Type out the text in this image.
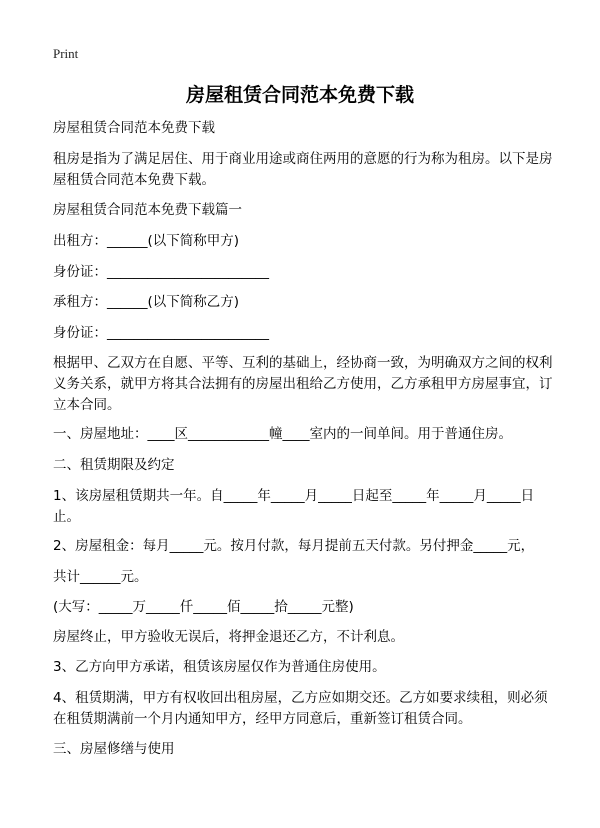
Print
房屋租赁合同范本免费下载

房屋租赁合同范本免费下载

租房是指为了满足居住、用于商业用途或商住两用的意愿的行为称为租房。以下是房屋租赁合同范本免费下载。

房屋租赁合同范本免费下载篇一

出租方：______(以下简称甲方)

身份证：________________________

承租方：______(以下简称乙方)

身份证：________________________

根据甲、乙双方在自愿、平等、互利的基础上，经协商一致，为明确双方之间的权利义务关系，就甲方将其合法拥有的房屋出租给乙方使用，乙方承租甲方房屋事宜，订立本合同。

一、房屋地址：____区____________幢____室内的一间单间。用于普通住房。

二、租赁期限及约定

1、该房屋租赁期共一年。自_____年_____月_____日起至_____年_____月_____日止。

2、房屋租金：每月_____元。按月付款，每月提前五天付款。另付押金_____元，

共计______元。

(大写：_____万_____仟_____佰_____拾_____元整)

房屋终止，甲方验收无误后，将押金退还乙方，不计利息。

3、乙方向甲方承诺，租赁该房屋仅作为普通住房使用。

4、租赁期满，甲方有权收回出租房屋，乙方应如期交还。乙方如要求续租，则必须在租赁期满前一个月内通知甲方，经甲方同意后，重新签订租赁合同。

三、房屋修缮与使用
